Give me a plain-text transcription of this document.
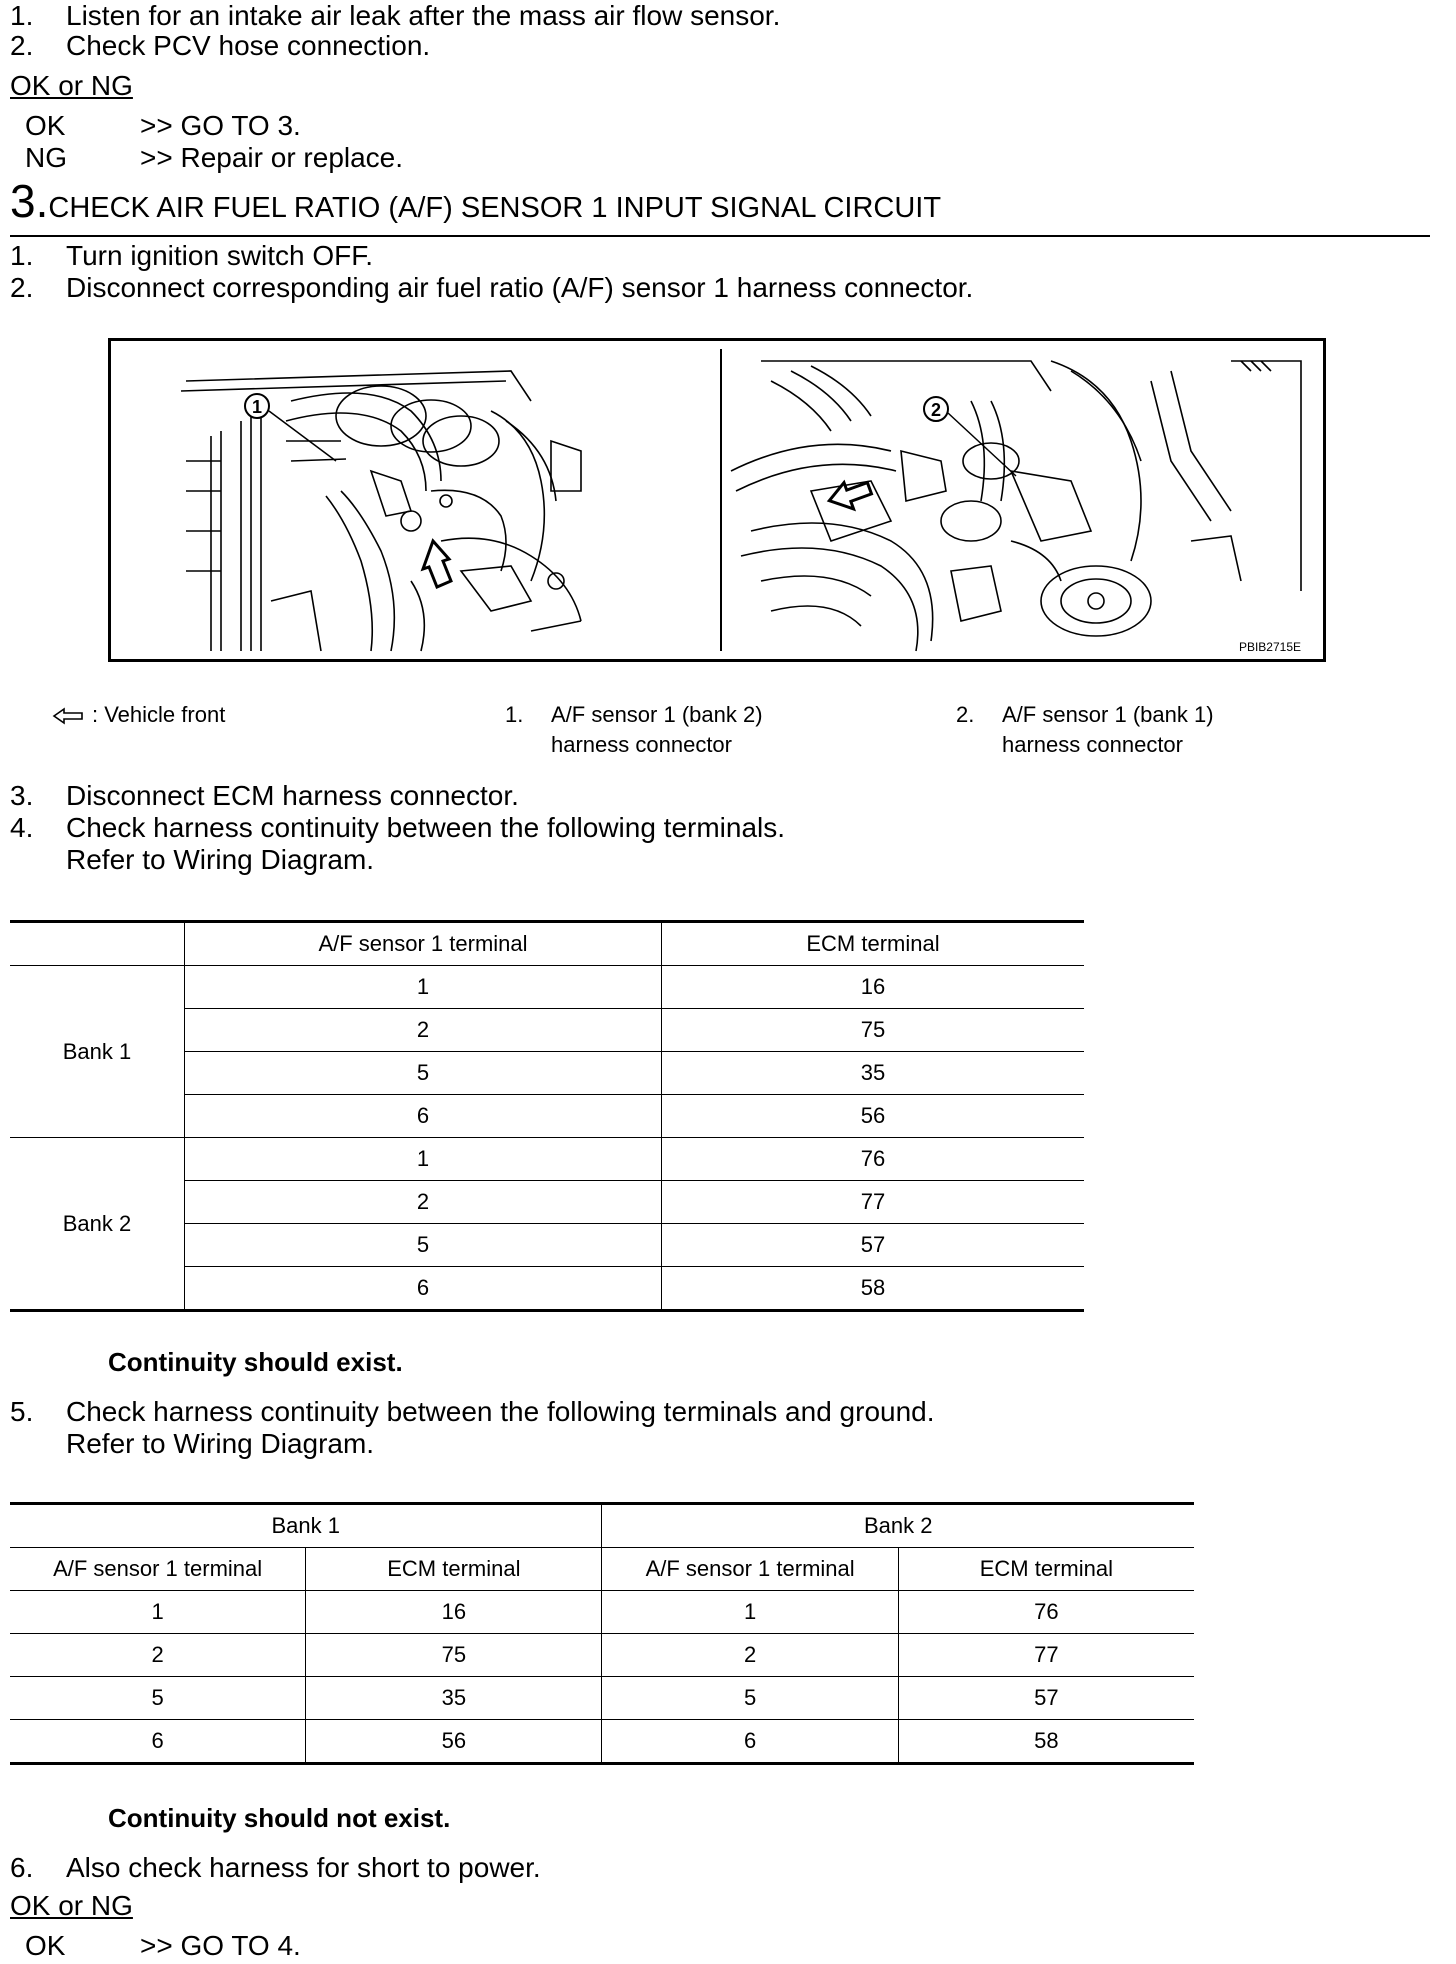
1. Listen for an intake air leak after the mass air flow sensor.
2. Check PCV hose connection.
OK or NG
OK	>> GO TO 3.
NG	>> Repair or replace.
3.CHECK AIR FUEL RATIO (A/F) SENSOR 1 INPUT SIGNAL CIRCUIT
1. Turn ignition switch OFF.
2. Disconnect corresponding air fuel ratio (A/F) sensor 1 harness connector.
1	2
PBIB2715E
: Vehicle front	1. A/F sensor 1 (bank 2)
harness connector
2. A/F sensor 1 (bank 1)
harness connector
3. Disconnect ECM harness connector.
4. Check harness continuity between the following terminals.
Refer to Wiring Diagram.
	A/F sensor 1 terminal	ECM terminal
Bank 1	1	16
	2	75
	5	35
	6	56
Bank 2	1	76
	2	77
	5	57
	6	58
Continuity should exist.
5. Check harness continuity between the following terminals and ground.
Refer to Wiring Diagram.
Bank 1		Bank 2	
A/F sensor 1 terminal	ECM terminal	A/F sensor 1 terminal	ECM terminal
1	16	1	76
2	75	2	77
5	35	5	57
6	56	6	58
Continuity should not exist.
6. Also check harness for short to power.
OK or NG
OK	>> GO TO 4.
